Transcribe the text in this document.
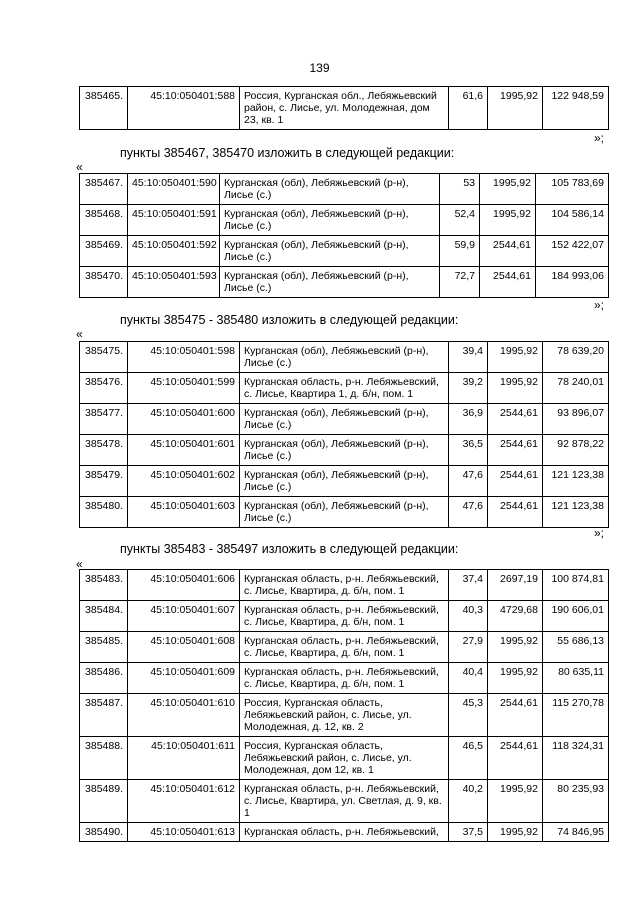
139
385465.	45:10:050401:588	Россия, Курганская обл., Лебяжьевский район, с. Лисье, ул. Молодежная, дом 23, кв. 1	61,6	1995,92	122 948,59
»;
пункты 385467, 385470 изложить в следующей редакции:
«
385467.	45:10:050401:590	Курганская (обл), Лебяжьевский (р-н), Лисье (с.)	53	1995,92	105 783,69
385468.	45:10:050401:591	Курганская (обл), Лебяжьевский (р-н), Лисье (с.)	52,4	1995,92	104 586,14
385469.	45:10:050401:592	Курганская (обл), Лебяжьевский (р-н), Лисье (с.)	59,9	2544,61	152 422,07
385470.	45:10:050401:593	Курганская (обл), Лебяжьевский (р-н), Лисье (с.)	72,7	2544,61	184 993,06
»;
пункты 385475 - 385480 изложить в следующей редакции:
«
385475.	45:10:050401:598	Курганская (обл), Лебяжьевский (р-н), Лисье (с.)	39,4	1995,92	78 639,20
385476.	45:10:050401:599	Курганская область, р-н. Лебяжьевский, с. Лисье, Квартира 1, д. б/н, пом. 1	39,2	1995,92	78 240,01
385477.	45:10:050401:600	Курганская (обл), Лебяжьевский (р-н), Лисье (с.)	36,9	2544,61	93 896,07
385478.	45:10:050401:601	Курганская (обл), Лебяжьевский (р-н), Лисье (с.)	36,5	2544,61	92 878,22
385479.	45:10:050401:602	Курганская (обл), Лебяжьевский (р-н), Лисье (с.)	47,6	2544,61	121 123,38
385480.	45:10:050401:603	Курганская (обл), Лебяжьевский (р-н), Лисье (с.)	47,6	2544,61	121 123,38
»;
пункты 385483 - 385497 изложить в следующей редакции:
«
385483.	45:10:050401:606	Курганская область, р-н. Лебяжьевский, с. Лисье, Квартира, д. б/н, пом. 1	37,4	2697,19	100 874,81
385484.	45:10:050401:607	Курганская область, р-н. Лебяжьевский, с. Лисье, Квартира, д. б/н, пом. 1	40,3	4729,68	190 606,01
385485.	45:10:050401:608	Курганская область, р-н. Лебяжьевский, с. Лисье, Квартира, д. б/н, пом. 1	27,9	1995,92	55 686,13
385486.	45:10:050401:609	Курганская область, р-н. Лебяжьевский, с. Лисье, Квартира, д. б/н, пом. 1	40,4	1995,92	80 635,11
385487.	45:10:050401:610	Россия, Курганская область, Лебяжьевский район, с. Лисье, ул. Молодежная, д. 12, кв. 2	45,3	2544,61	115 270,78
385488.	45:10:050401:611	Россия, Курганская область, Лебяжьевский район, с. Лисье, ул. Молодежная, дом 12, кв. 1	46,5	2544,61	118 324,31
385489.	45:10:050401:612	Курганская область, р-н. Лебяжьевский, с. Лисье, Квартира, ул. Светлая, д. 9, кв. 1	40,2	1995,92	80 235,93
385490.	45:10:050401:613	Курганская область, р-н. Лебяжьевский,	37,5	1995,92	74 846,95
